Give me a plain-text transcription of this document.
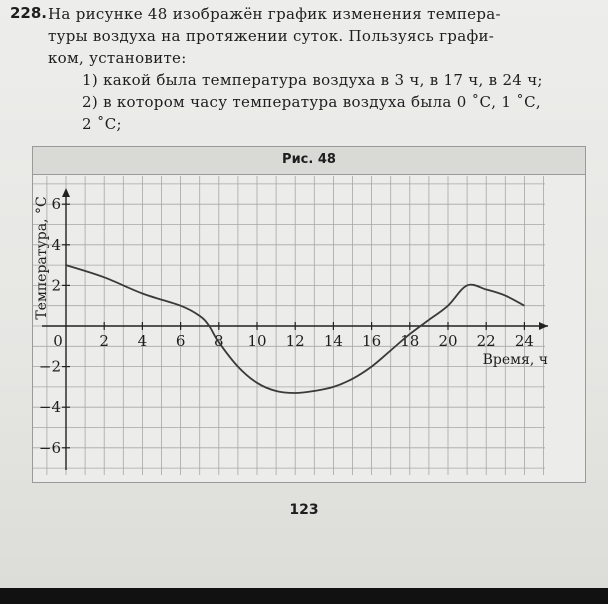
228. На рисунке 48 изображён график изменения темпера-
туры воздуха на протяжении суток. Пользуясь графи-
ком, установите:
1) какой была температура воздуха в 3 ч, в 17 ч, в 24 ч;
2) в котором часу температура воздуха была 0 ˚С, 1 ˚С,
2 ˚С;
Рис. 48
2 4 6 8 10 12 14 16 18 20 22 24
6
4
2
−2
−4
−6
0
Время, ч
Температура, °С
123
